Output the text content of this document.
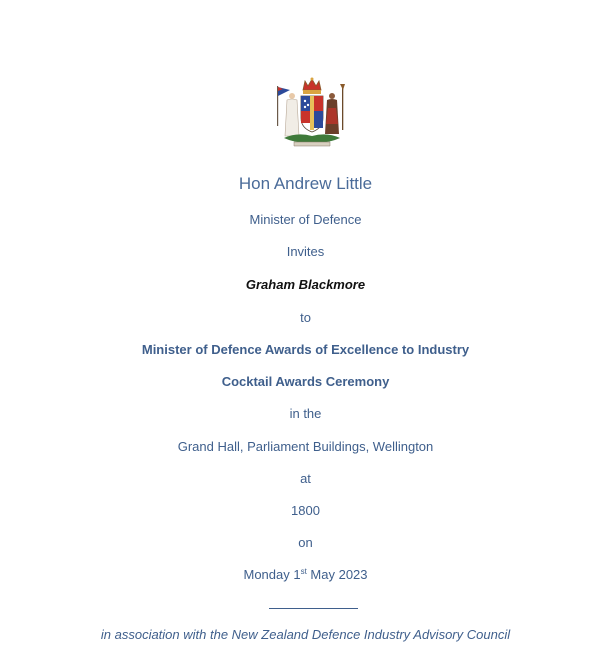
Hon Andrew Little
Minister of Defence
Invites
Graham Blackmore
to
Minister of Defence Awards of Excellence to Industry
Cocktail Awards Ceremony
in the
Grand Hall, Parliament Buildings, Wellington
at
1800
on
Monday 1st May 2023
in association with the New Zealand Defence Industry Advisory Council
